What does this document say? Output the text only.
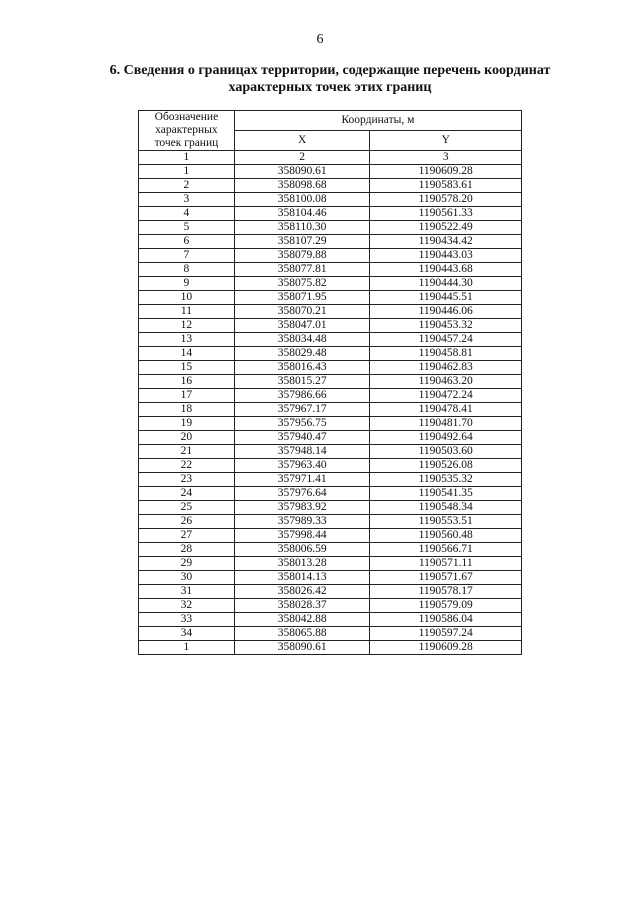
6
6. Сведения о границах территории, содержащие перечень координат
характерных точек этих границ
Обозначение
характерных
точек границ	Координаты, м	
	X	Y
1	2	3
1	358090.61	1190609.28
2	358098.68	1190583.61
3	358100.08	1190578.20
4	358104.46	1190561.33
5	358110.30	1190522.49
6	358107.29	1190434.42
7	358079.88	1190443.03
8	358077.81	1190443.68
9	358075.82	1190444.30
10	358071.95	1190445.51
11	358070.21	1190446.06
12	358047.01	1190453.32
13	358034.48	1190457.24
14	358029.48	1190458.81
15	358016.43	1190462.83
16	358015.27	1190463.20
17	357986.66	1190472.24
18	357967.17	1190478.41
19	357956.75	1190481.70
20	357940.47	1190492.64
21	357948.14	1190503.60
22	357963.40	1190526.08
23	357971.41	1190535.32
24	357976.64	1190541.35
25	357983.92	1190548.34
26	357989.33	1190553.51
27	357998.44	1190560.48
28	358006.59	1190566.71
29	358013.28	1190571.11
30	358014.13	1190571.67
31	358026.42	1190578.17
32	358028.37	1190579.09
33	358042.88	1190586.04
34	358065.88	1190597.24
1	358090.61	1190609.28
